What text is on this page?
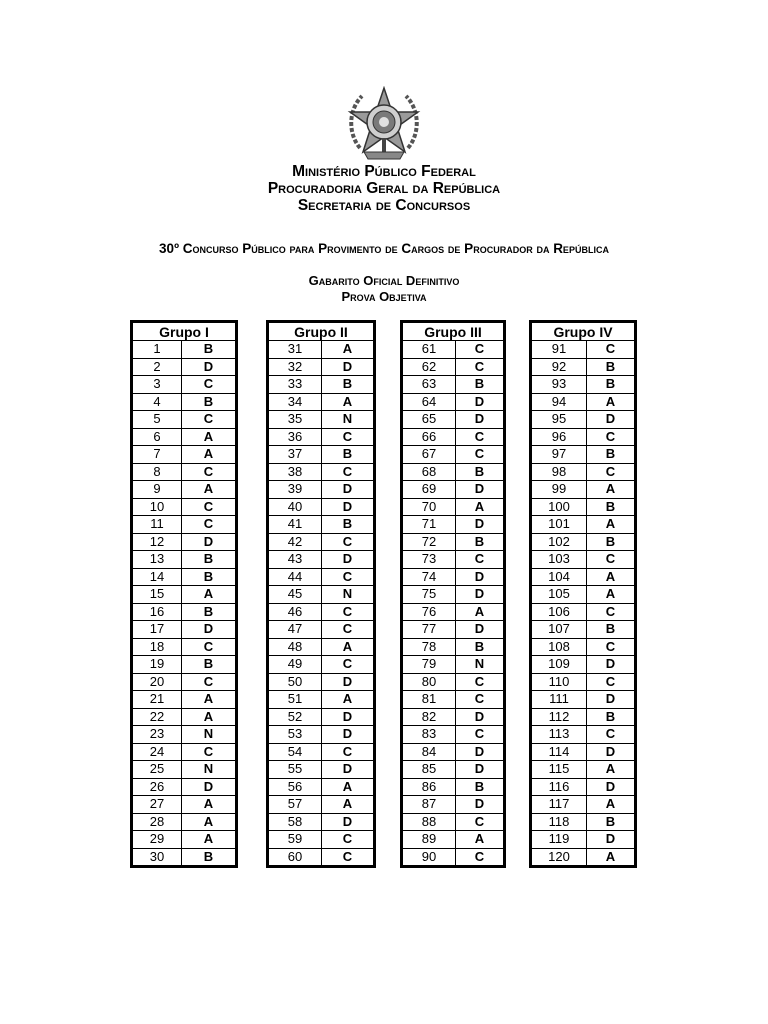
Ministério Público Federal
Procuradoria Geral da República
Secretaria de Concursos
30º Concurso Público para Provimento de Cargos de Procurador da República
Gabarito Oficial Definitivo
Prova Objetiva
Grupo I	
1	B
2	D
3	C
4	B
5	C
6	A
7	A
8	C
9	A
10	C
11	C
12	D
13	B
14	B
15	A
16	B
17	D
18	C
19	B
20	C
21	A
22	A
23	N
24	C
25	N
26	D
27	A
28	A
29	A
30	B
Grupo II	
31	A
32	D
33	B
34	A
35	N
36	C
37	B
38	C
39	D
40	D
41	B
42	C
43	D
44	C
45	N
46	C
47	C
48	A
49	C
50	D
51	A
52	D
53	D
54	C
55	D
56	A
57	A
58	D
59	C
60	C
Grupo III	
61	C
62	C
63	B
64	D
65	D
66	C
67	C
68	B
69	D
70	A
71	D
72	B
73	C
74	D
75	D
76	A
77	D
78	B
79	N
80	C
81	C
82	D
83	C
84	D
85	D
86	B
87	D
88	C
89	A
90	C
Grupo IV	
91	C
92	B
93	B
94	A
95	D
96	C
97	B
98	C
99	A
100	B
101	A
102	B
103	C
104	A
105	A
106	C
107	B
108	C
109	D
110	C
111	D
112	B
113	C
114	D
115	A
116	D
117	A
118	B
119	D
120	A
